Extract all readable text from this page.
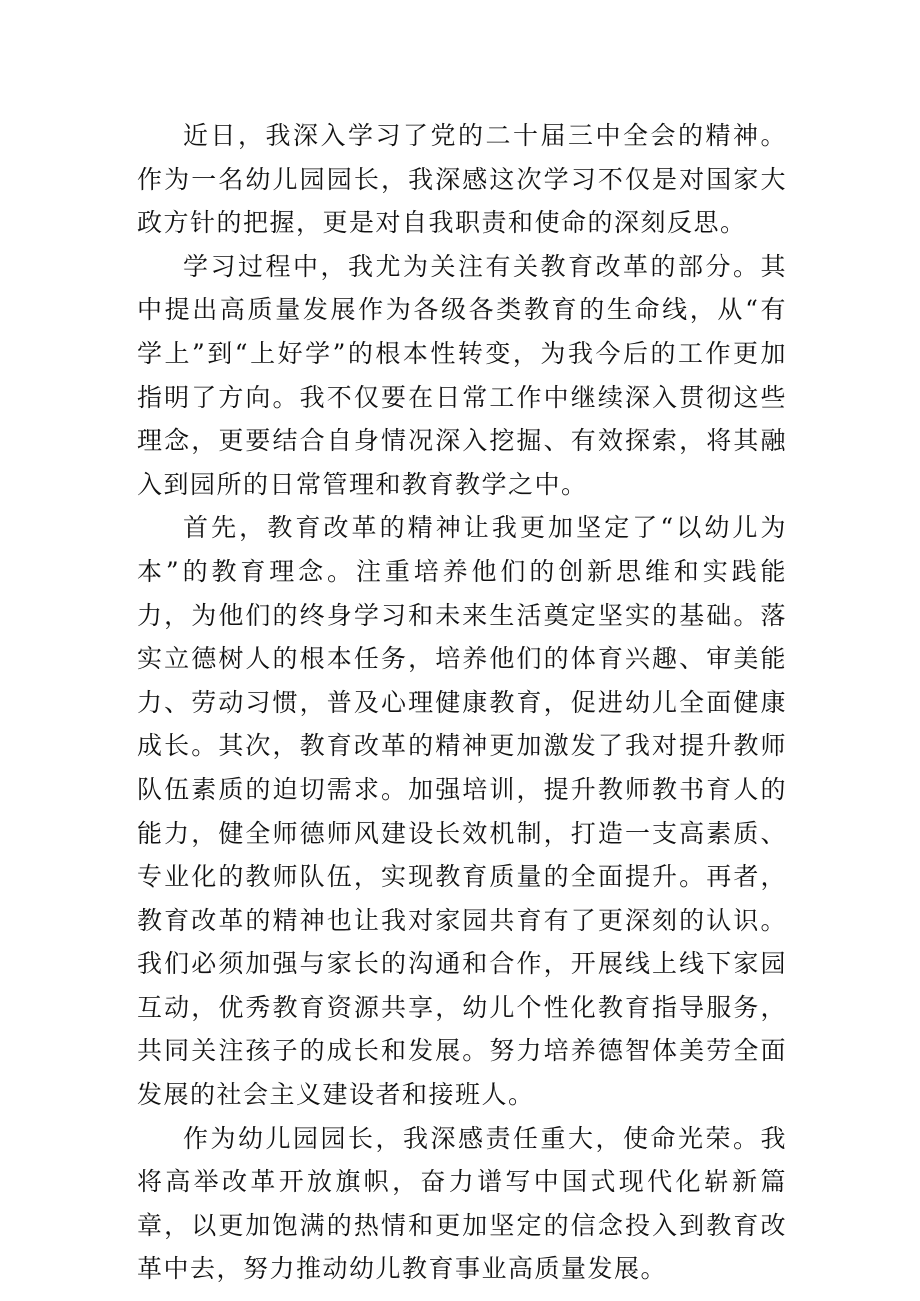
近日，我深入学习了党的二十届三中全会的精神。作为一名幼儿园园长，我深感这次学习不仅是对国家大政方针的把握，更是对自我职责和使命的深刻反思。

学习过程中，我尤为关注有关教育改革的部分。其中提出高质量发展作为各级各类教育的生命线，从“有学上”到“上好学”的根本性转变，为我今后的工作更加指明了方向。我不仅要在日常工作中继续深入贯彻这些理念，更要结合自身情况深入挖掘、有效探索，将其融入到园所的日常管理和教育教学之中。

首先，教育改革的精神让我更加坚定了“以幼儿为本”的教育理念。注重培养他们的创新思维和实践能力，为他们的终身学习和未来生活奠定坚实的基础。落实立德树人的根本任务，培养他们的体育兴趣、审美能力、劳动习惯，普及心理健康教育，促进幼儿全面健康成长。其次，教育改革的精神更加激发了我对提升教师队伍素质的迫切需求。加强培训，提升教师教书育人的能力，健全师德师风建设长效机制，打造一支高素质、专业化的教师队伍，实现教育质量的全面提升。再者，教育改革的精神也让我对家园共育有了更深刻的认识。我们必须加强与家长的沟通和合作，开展线上线下家园互动，优秀教育资源共享，幼儿个性化教育指导服务，共同关注孩子的成长和发展。努力培养德智体美劳全面发展的社会主义建设者和接班人。

作为幼儿园园长，我深感责任重大，使命光荣。我将高举改革开放旗帜，奋力谱写中国式现代化崭新篇章，以更加饱满的热情和更加坚定的信念投入到教育改革中去，努力推动幼儿教育事业高质量发展。
